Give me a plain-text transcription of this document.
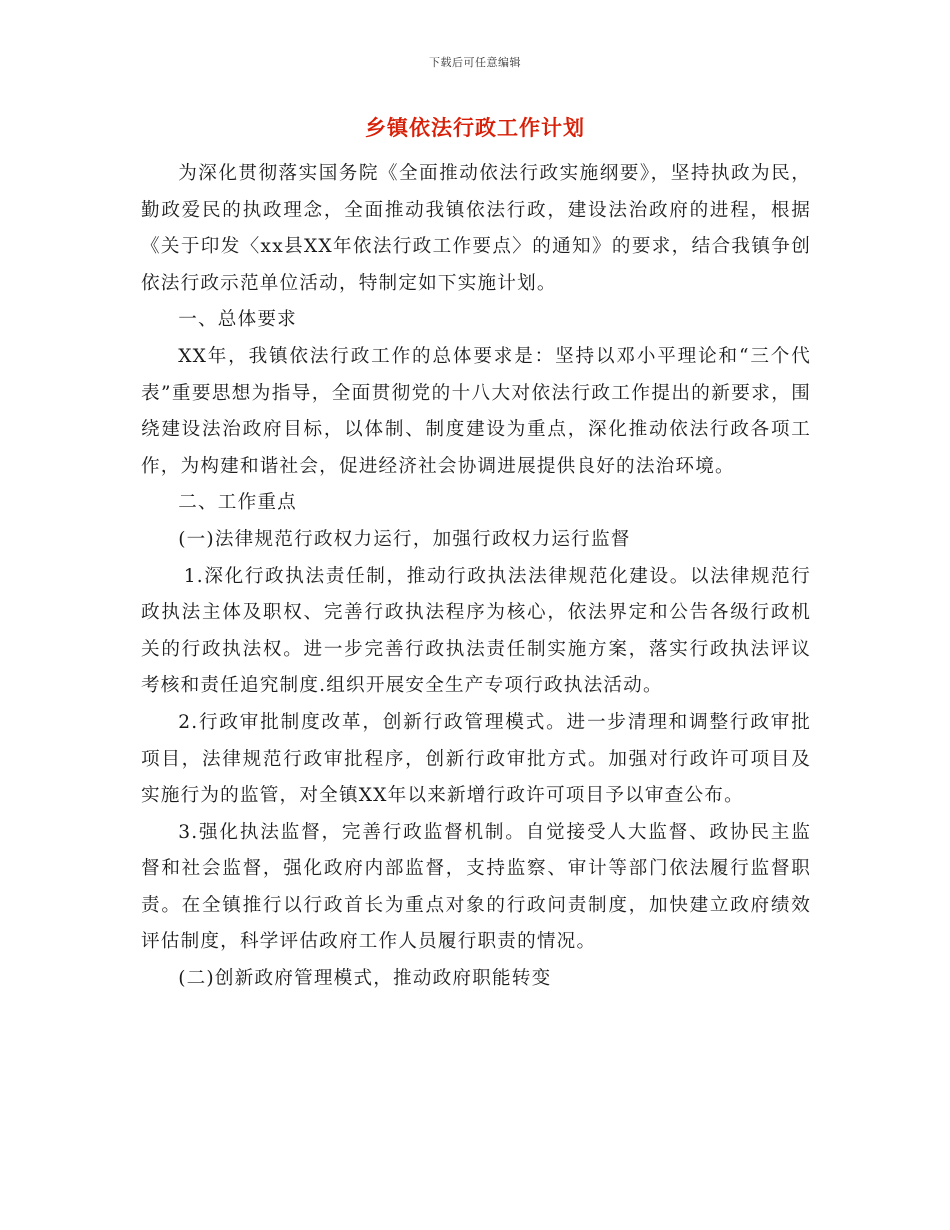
下载后可任意编辑
乡镇依法行政工作计划

为深化贯彻落实国务院《全面推动依法行政实施纲要》，坚持执政为民，勤政爱民的执政理念，全面推动我镇依法行政，建设法治政府的进程，根据《关于印发〈xx县XX年依法行政工作要点〉的通知》的要求，结合我镇争创依法行政示范单位活动，特制定如下实施计划。

一、总体要求

XX年，我镇依法行政工作的总体要求是：坚持以邓小平理论和“三个代表”重要思想为指导，全面贯彻党的十八大对依法行政工作提出的新要求，围绕建设法治政府目标，以体制、制度建设为重点，深化推动依法行政各项工作，为构建和谐社会，促进经济社会协调进展提供良好的法治环境。

二、工作重点

(一)法律规范行政权力运行，加强行政权力运行监督

1.深化行政执法责任制，推动行政执法法律规范化建设。以法律规范行政执法主体及职权、完善行政执法程序为核心，依法界定和公告各级行政机关的行政执法权。进一步完善行政执法责任制实施方案，落实行政执法评议考核和责任追究制度.组织开展安全生产专项行政执法活动。

2.行政审批制度改革，创新行政管理模式。进一步清理和调整行政审批项目，法律规范行政审批程序，创新行政审批方式。加强对行政许可项目及实施行为的监管，对全镇XX年以来新增行政许可项目予以审查公布。

3.强化执法监督，完善行政监督机制。自觉接受人大监督、政协民主监督和社会监督，强化政府内部监督，支持监察、审计等部门依法履行监督职责。在全镇推行以行政首长为重点对象的行政问责制度，加快建立政府绩效评估制度，科学评估政府工作人员履行职责的情况。

(二)创新政府管理模式，推动政府职能转变
